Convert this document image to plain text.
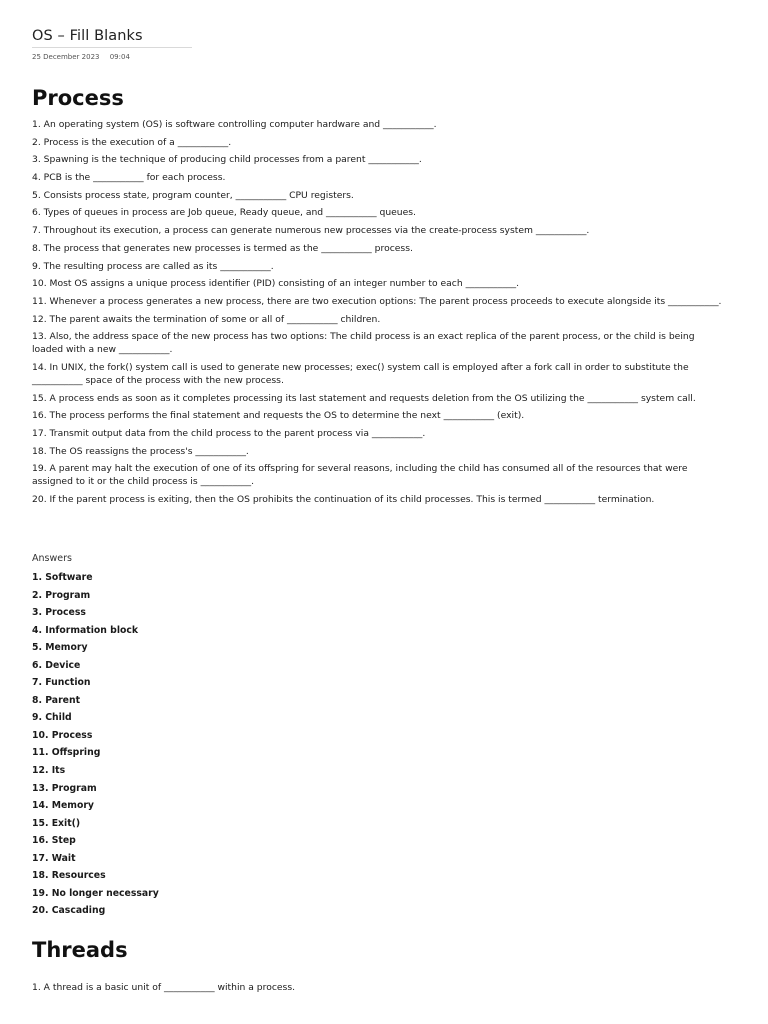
OS – Fill Blanks
25 December 2023 09:04
Process
1. An operating system (OS) is software controlling computer hardware and ___________.
2. Process is the execution of a ___________.
3. Spawning is the technique of producing child processes from a parent ___________.
4. PCB is the ___________ for each process.
5. Consists process state, program counter, ___________ CPU registers.
6. Types of queues in process are Job queue, Ready queue, and ___________ queues.
7. Throughout its execution, a process can generate numerous new processes via the create-process system ___________.
8. The process that generates new processes is termed as the ___________ process.
9. The resulting process are called as its ___________.
10. Most OS assigns a unique process identifier (PID) consisting of an integer number to each ___________.
11. Whenever a process generates a new process, there are two execution options: The parent process proceeds to execute alongside its ___________.
12. The parent awaits the termination of some or all of ___________ children.
13. Also, the address space of the new process has two options: The child process is an exact replica of the parent process, or the child is being loaded with a new ___________.
14. In UNIX, the fork() system call is used to generate new processes; exec() system call is employed after a fork call in order to substitute the ___________ space of the process with the new process.
15. A process ends as soon as it completes processing its last statement and requests deletion from the OS utilizing the ___________ system call.
16. The process performs the final statement and requests the OS to determine the next ___________ (exit).
17. Transmit output data from the child process to the parent process via ___________.
18. The OS reassigns the process's ___________.
19. A parent may halt the execution of one of its offspring for several reasons, including the child has consumed all of the resources that were assigned to it or the child process is ___________.
20. If the parent process is exiting, then the OS prohibits the continuation of its child processes. This is termed ___________ termination.
Answers
1. Software
2. Program
3. Process
4. Information block
5. Memory
6. Device
7. Function
8. Parent
9. Child
10. Process
11. Offspring
12. Its
13. Program
14. Memory
15. Exit()
16. Step
17. Wait
18. Resources
19. No longer necessary
20. Cascading
Threads
1. A thread is a basic unit of ___________ within a process.
